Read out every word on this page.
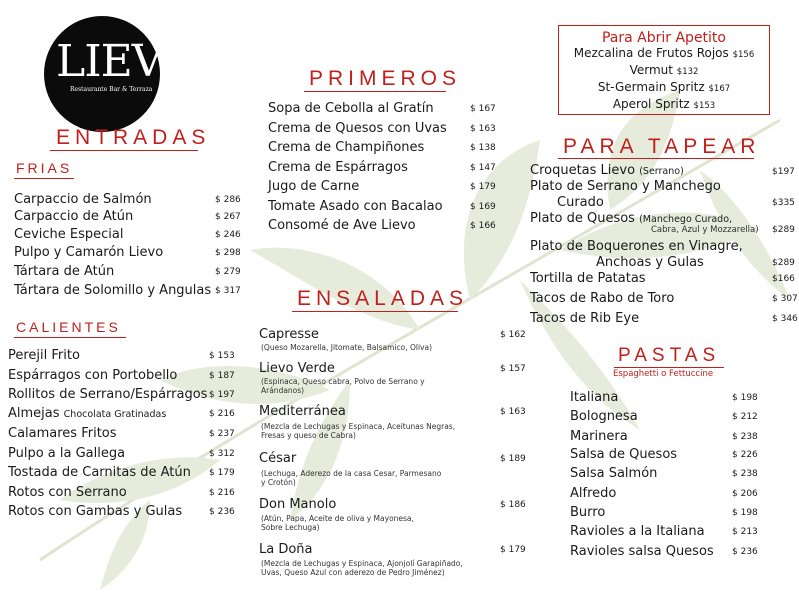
LIEVO
Restaurante Bar & Terraza
Para Abrir Apetito
Mezcalina de Frutos Rojos $156
Vermut $132
St-Germain Spritz $167
Aperol Spritz $153
ENTRADAS
FRIAS
Carpaccio de Salmón	$ 286
Carpaccio de Atún	$ 267
Ceviche Especial	$ 246
Pulpo y Camarón Lievo	$ 298
Tártara de Atún	$ 279
Tártara de Solomillo y Angulas $ 317
CALIENTES
Perejil Frito	$ 153
Espárragos con Portobello	$ 187
Rollitos de Serrano/Espárragos $ 197
Almejas Chocolata Gratinadas	$ 216
Calamares Fritos	$ 237
Pulpo a la Gallega	$ 312
Tostada de Carnitas de Atún $ 179
Rotos con Serrano	$ 216
Rotos con Gambas y Gulas	$ 236
PRIMEROS
Sopa de Cebolla al Gratín	$ 167
Crema de Quesos con Uvas	$ 163
Crema de Champiñones	$ 138
Crema de Espárragos	$ 147
Jugo de Carne	$ 179
Tomate Asado con Bacalao	$ 169
Consomé de Ave Lievo	$ 166
ENSALADAS
Capresse	$ 162
(Queso Mozarella, Jitomate, Balsamico, Oliva)
Lievo Verde	$ 157
(Espinaca, Queso cabra, Polvo de Serrano y
Arándanos)
Mediterránea	$ 163
(Mezcla de Lechugas y Espinaca, Aceitunas Negras,
Fresas y queso de Cabra)
César	$ 189
(Lechuga, Aderezo de la casa Cesar, Parmesano
y Crotón)
Don Manolo	$ 186
(Atún, Papa, Aceite de oliva y Mayonesa,
Sobre Lechuga)
La Doña	$ 179
(Mezcla de Lechugas y Espinaca, Ajonjolí Garapiñado,
Uvas, Queso Azul con aderezo de Pedro Jiménez)
PARA TAPEAR
Croquetas Lievo (Serrano)	$197
Plato de Serrano y Manchego
Curado	$335
Plato de Quesos (Manchego Curado,
Cabra, Azul y Mozzarella) $289
Plato de Boquerones en Vinagre,
Anchoas y Gulas	$289
Tortilla de Patatas	$166
Tacos de Rabo de Toro	$ 307
Tacos de Rib Eye	$ 346
PASTAS
Espaghetti o Fettuccine
Italiana	$ 198
Bolognesa	$ 212
Marinera	$ 238
Salsa de Quesos	$ 226
Salsa Salmón	$ 238
Alfredo	$ 206
Burro	$ 198
Ravioles a la Italiana	$ 213
Ravioles salsa Quesos $ 236
